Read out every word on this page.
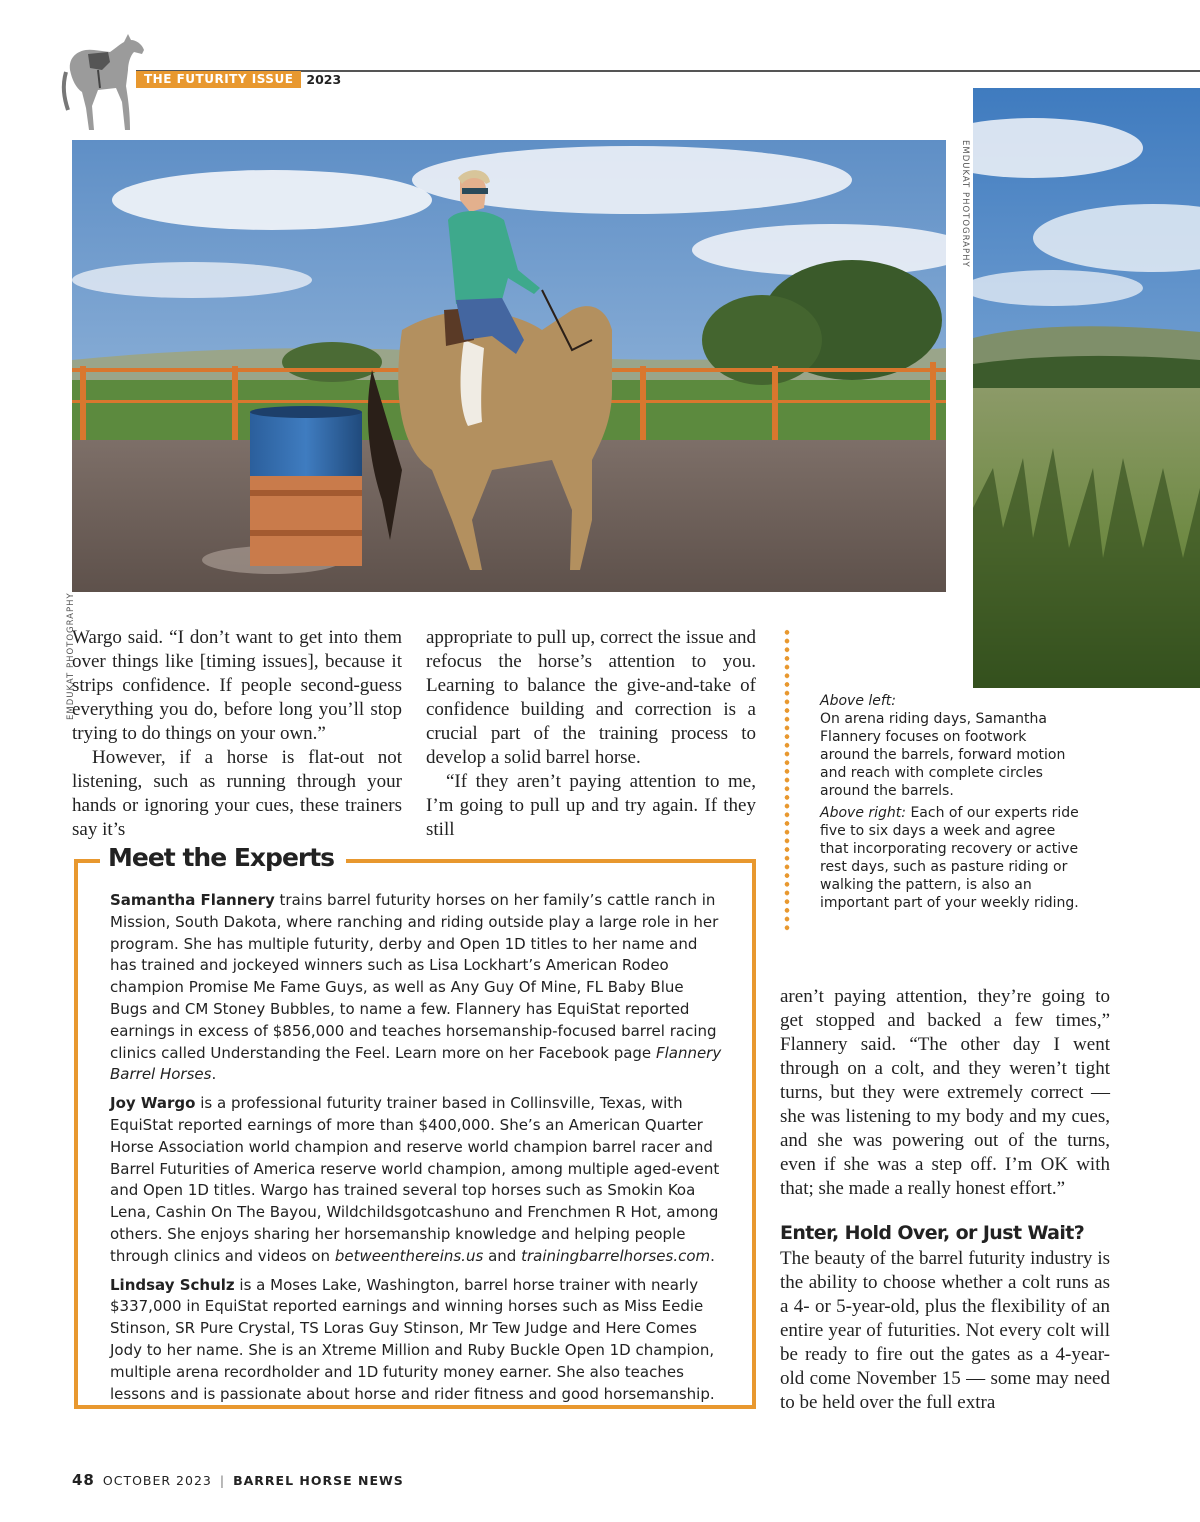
THE FUTURITY ISSUE	2023
EMDUKAT PHOTOGRAPHY
EMDUKAT PHOTOGRAPHY

Wargo said. “I don’t want to get into them over things like [timing issues], because it strips confidence. If people second-guess everything you do, before long you’ll stop trying to do things on your own.”

However, if a horse is flat-out not listening, such as running through your hands or ignoring your cues, these trainers say it’s

appropriate to pull up, correct the issue and refocus the horse’s attention to you. Learning to balance the give-and-take of confidence building and correction is a crucial part of the training process to develop a solid barrel horse.

“If they aren’t paying attention to me, I’m going to pull up and try again. If they still

Above left:
On arena riding days, Samantha Flannery focuses on footwork around the barrels, forward motion and reach with complete circles around the barrels.

Above right: Each of our experts ride five to six days a week and agree that incorporating recovery or active rest days, such as pasture riding or walking the pattern, is also an important part of your weekly riding.

Meet the Experts

Samantha Flannery trains barrel futurity horses on her family’s cattle ranch in Mission, South Dakota, where ranching and riding outside play a large role in her program. She has multiple futurity, derby and Open 1D titles to her name and has trained and jockeyed winners such as Lisa Lockhart’s American Rodeo champion Promise Me Fame Guys, as well as Any Guy Of Mine, FL Baby Blue Bugs and CM Stoney Bubbles, to name a few. Flannery has EquiStat reported earnings in excess of $856,000 and teaches horsemanship-focused barrel racing clinics called Understanding the Feel. Learn more on her Facebook page Flannery Barrel Horses.

Joy Wargo is a professional futurity trainer based in Collinsville, Texas, with EquiStat reported earnings of more than $400,000. She’s an American Quarter Horse Association world champion and reserve world champion barrel racer and Barrel Futurities of America reserve world champion, among multiple aged-event and Open 1D titles. Wargo has trained several top horses such as Smokin Koa Lena, Cashin On The Bayou, Wildchildsgotcashuno and Frenchmen R Hot, among others. She enjoys sharing her horsemanship knowledge and helping people through clinics and videos on betweenthereins.us and trainingbarrelhorses.com.

Lindsay Schulz is a Moses Lake, Washington, barrel horse trainer with nearly $337,000 in EquiStat reported earnings and winning horses such as Miss Eedie Stinson, SR Pure Crystal, TS Loras Guy Stinson, Mr Tew Judge and Here Comes Jody to her name. She is an Xtreme Million and Ruby Buckle Open 1D champion, multiple arena recordholder and 1D futurity money earner. She also teaches lessons and is passionate about horse and rider fitness and good horsemanship.

aren’t paying attention, they’re going to get stopped and backed a few times,” Flannery said. “The other day I went through on a colt, and they weren’t tight turns, but they were extremely correct — she was listening to my body and my cues, and she was powering out of the turns, even if she was a step off. I’m OK with that; she made a really honest effort.”

Enter, Hold Over, or Just Wait?

The beauty of the barrel futurity industry is the ability to choose whether a colt runs as a 4- or 5-year-old, plus the flexibility of an entire year of futurities. Not every colt will be ready to fire out the gates as a 4-year-old come November 15 — some may need to be held over the full extra

48 OCTOBER 2023 | BARREL HORSE NEWS
